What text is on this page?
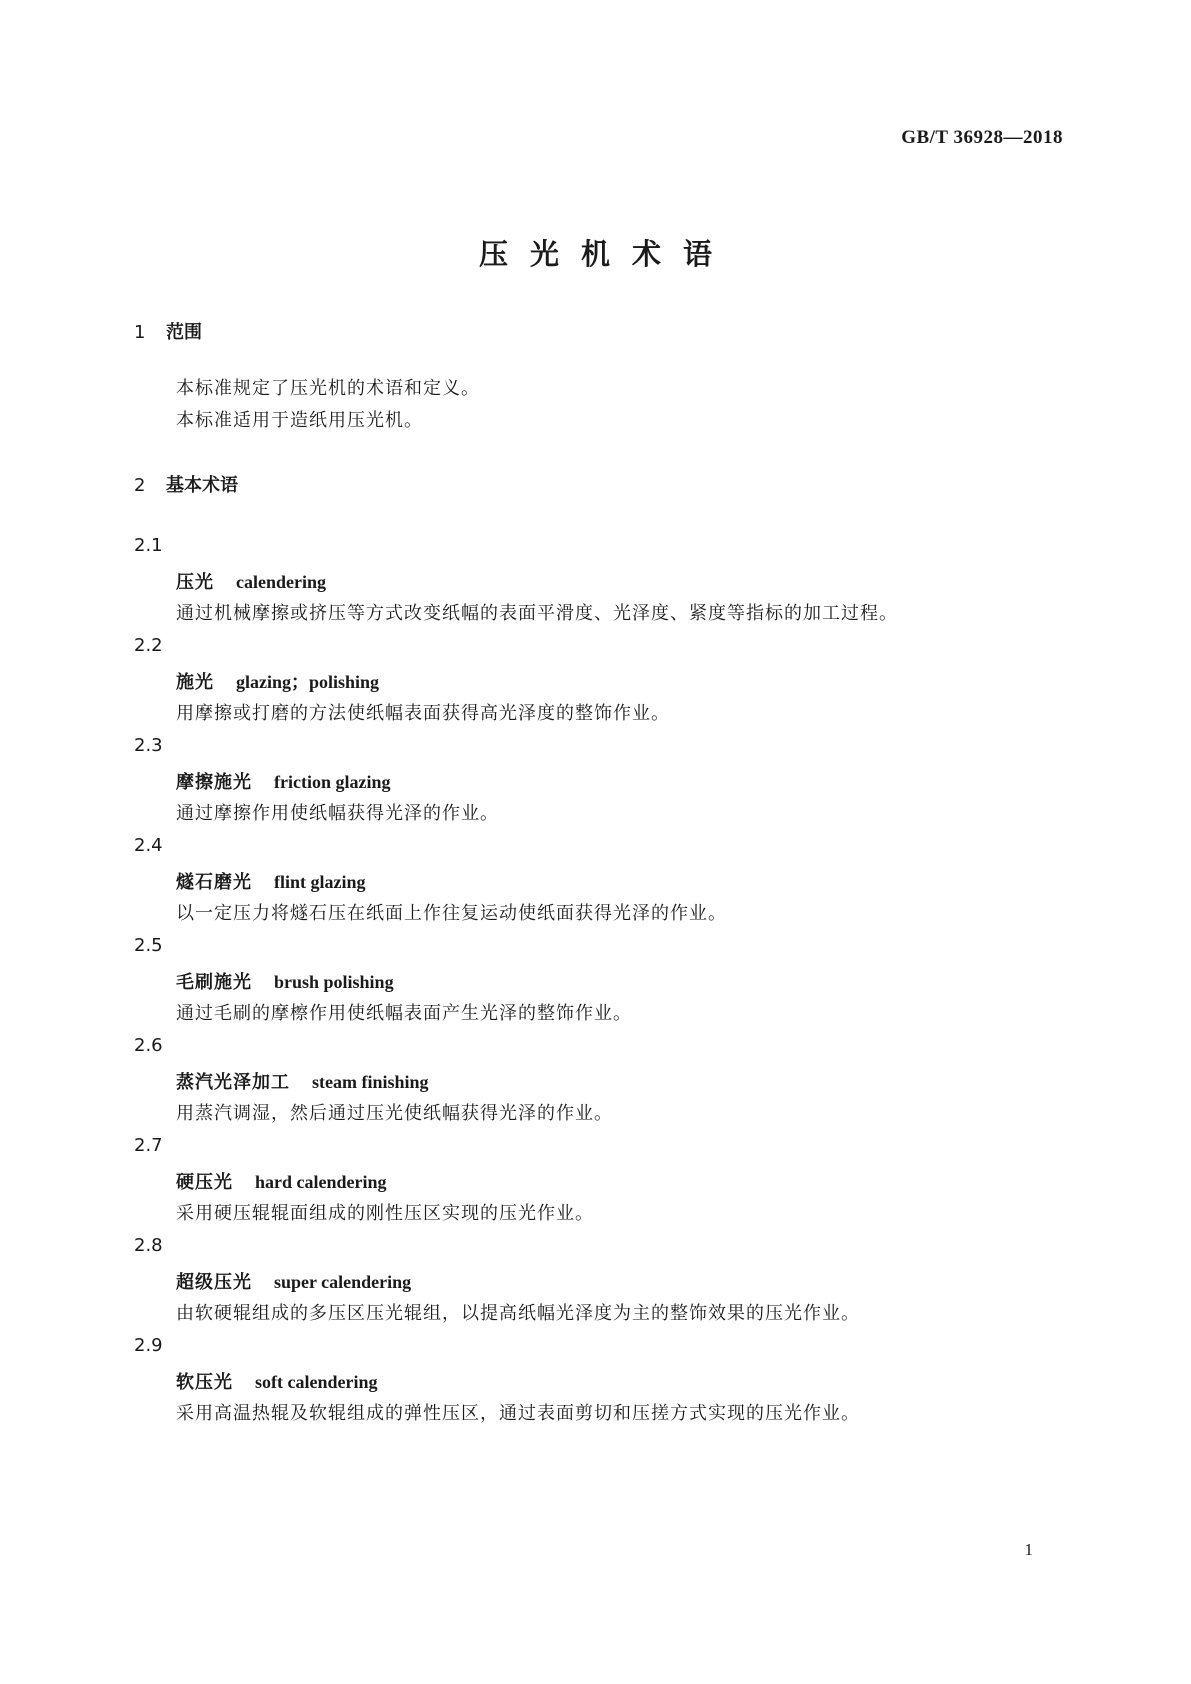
GB/T 36928—2018
压光机术语
1 范围
本标准规定了压光机的术语和定义。
本标准适用于造纸用压光机。
2 基本术语
2.1
压光 calendering
通过机械摩擦或挤压等方式改变纸幅的表面平滑度、光泽度、紧度等指标的加工过程。
2.2
施光 glazing；polishing
用摩擦或打磨的方法使纸幅表面获得高光泽度的整饰作业。
2.3
摩擦施光 friction glazing
通过摩擦作用使纸幅获得光泽的作业。
2.4
燧石磨光 flint glazing
以一定压力将燧石压在纸面上作往复运动使纸面获得光泽的作业。
2.5
毛刷施光 brush polishing
通过毛刷的摩檫作用使纸幅表面产生光泽的整饰作业。
2.6
蒸汽光泽加工 steam finishing
用蒸汽调湿，然后通过压光使纸幅获得光泽的作业。
2.7
硬压光 hard calendering
采用硬压辊辊面组成的刚性压区实现的压光作业。
2.8
超级压光 super calendering
由软硬辊组成的多压区压光辊组，以提高纸幅光泽度为主的整饰效果的压光作业。
2.9
软压光 soft calendering
采用高温热辊及软辊组成的弹性压区，通过表面剪切和压搓方式实现的压光作业。
1
